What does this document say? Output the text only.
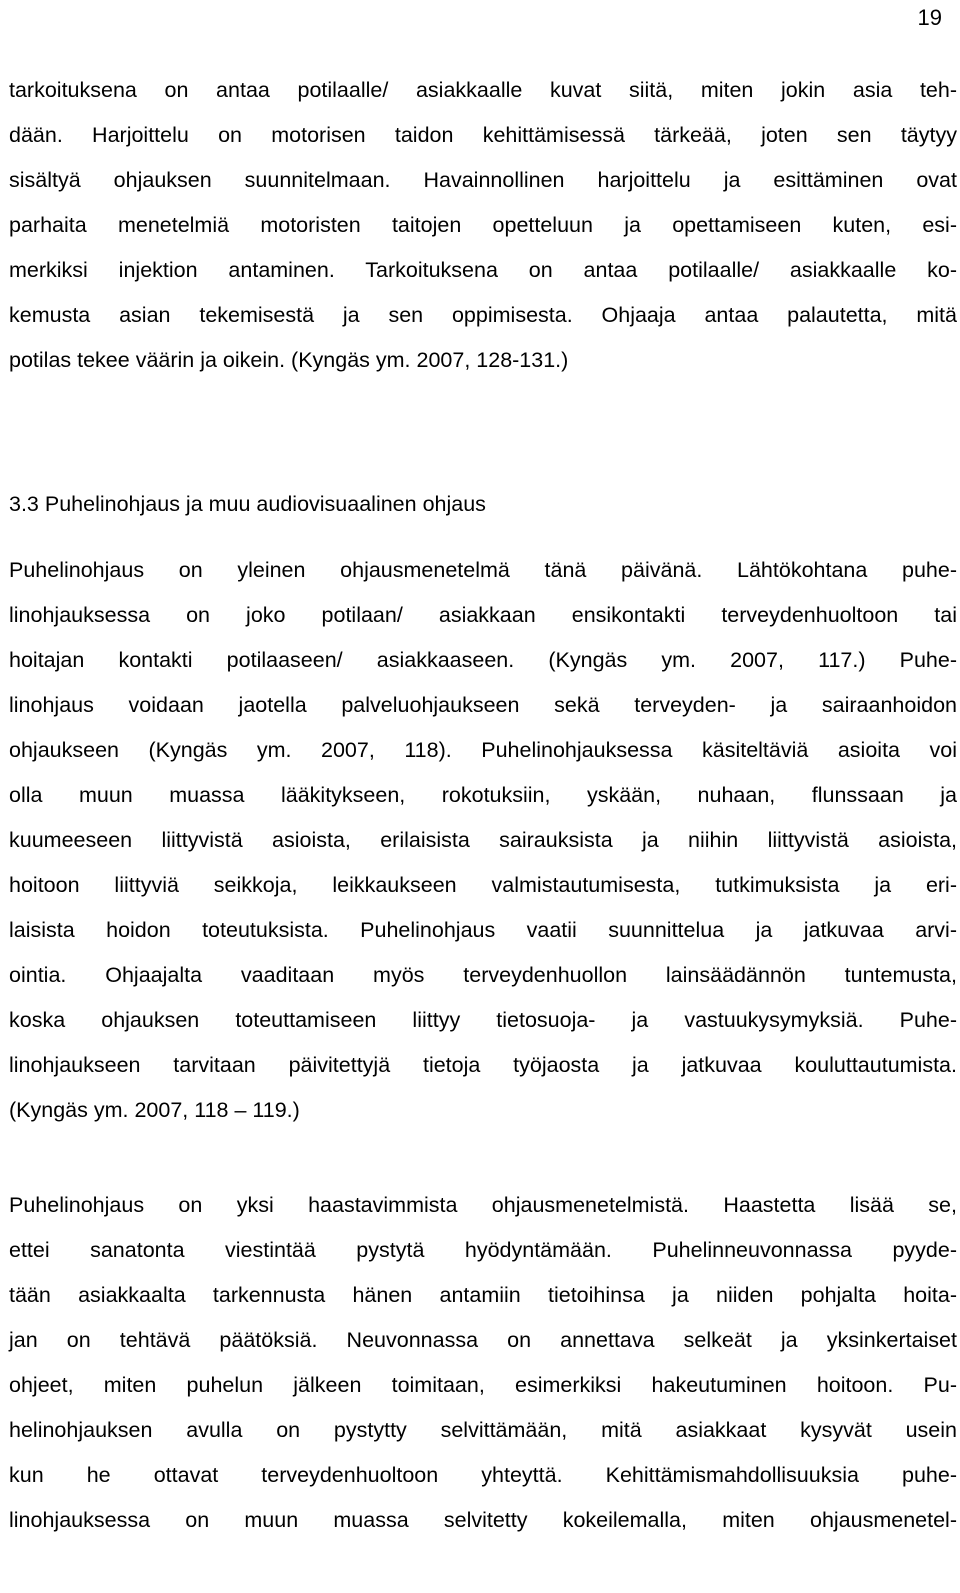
19
tarkoituksena on antaa potilaalle/ asiakkaalle kuvat siitä, miten jokin asia teh-
dään. Harjoittelu on motorisen taidon kehittämisessä tärkeää, joten sen täytyy
sisältyä ohjauksen suunnitelmaan. Havainnollinen harjoittelu ja esittäminen ovat
parhaita menetelmiä motoristen taitojen opetteluun ja opettamiseen kuten, esi-
merkiksi injektion antaminen. Tarkoituksena on antaa potilaalle/ asiakkaalle ko-
kemusta asian tekemisestä ja sen oppimisesta. Ohjaaja antaa palautetta, mitä
potilas tekee väärin ja oikein. (Kyngäs ym. 2007, 128-131.)
3.3 Puhelinohjaus ja muu audiovisuaalinen ohjaus
Puhelinohjaus on yleinen ohjausmenetelmä tänä päivänä. Lähtökohtana puhe-
linohjauksessa on joko potilaan/ asiakkaan ensikontakti terveydenhuoltoon tai
hoitajan kontakti potilaaseen/ asiakkaaseen. (Kyngäs ym. 2007, 117.) Puhe-
linohjaus voidaan jaotella palveluohjaukseen sekä terveyden- ja sairaanhoidon
ohjaukseen (Kyngäs ym. 2007, 118). Puhelinohjauksessa käsiteltäviä asioita voi
olla muun muassa lääkitykseen, rokotuksiin, yskään, nuhaan, flunssaan ja
kuumeeseen liittyvistä asioista, erilaisista sairauksista ja niihin liittyvistä asioista,
hoitoon liittyviä seikkoja, leikkaukseen valmistautumisesta, tutkimuksista ja eri-
laisista hoidon toteutuksista. Puhelinohjaus vaatii suunnittelua ja jatkuvaa arvi-
ointia. Ohjaajalta vaaditaan myös terveydenhuollon lainsäädännön tuntemusta,
koska ohjauksen toteuttamiseen liittyy tietosuoja- ja vastuukysymyksiä. Puhe-
linohjaukseen tarvitaan päivitettyjä tietoja työjaosta ja jatkuvaa kouluttautumista.
(Kyngäs ym. 2007, 118 – 119.)
Puhelinohjaus on yksi haastavimmista ohjausmenetelmistä. Haastetta lisää se,
ettei sanatonta viestintää pystytä hyödyntämään. Puhelinneuvonnassa pyyde-
tään asiakkaalta tarkennusta hänen antamiin tietoihinsa ja niiden pohjalta hoita-
jan on tehtävä päätöksiä. Neuvonnassa on annettava selkeät ja yksinkertaiset
ohjeet, miten puhelun jälkeen toimitaan, esimerkiksi hakeutuminen hoitoon. Pu-
helinohjauksen avulla on pystytty selvittämään, mitä asiakkaat kysyvät usein
kun he ottavat terveydenhuoltoon yhteyttä. Kehittämismahdollisuuksia puhe-
linohjauksessa on muun muassa selvitetty kokeilemalla, miten ohjausmenetel-
